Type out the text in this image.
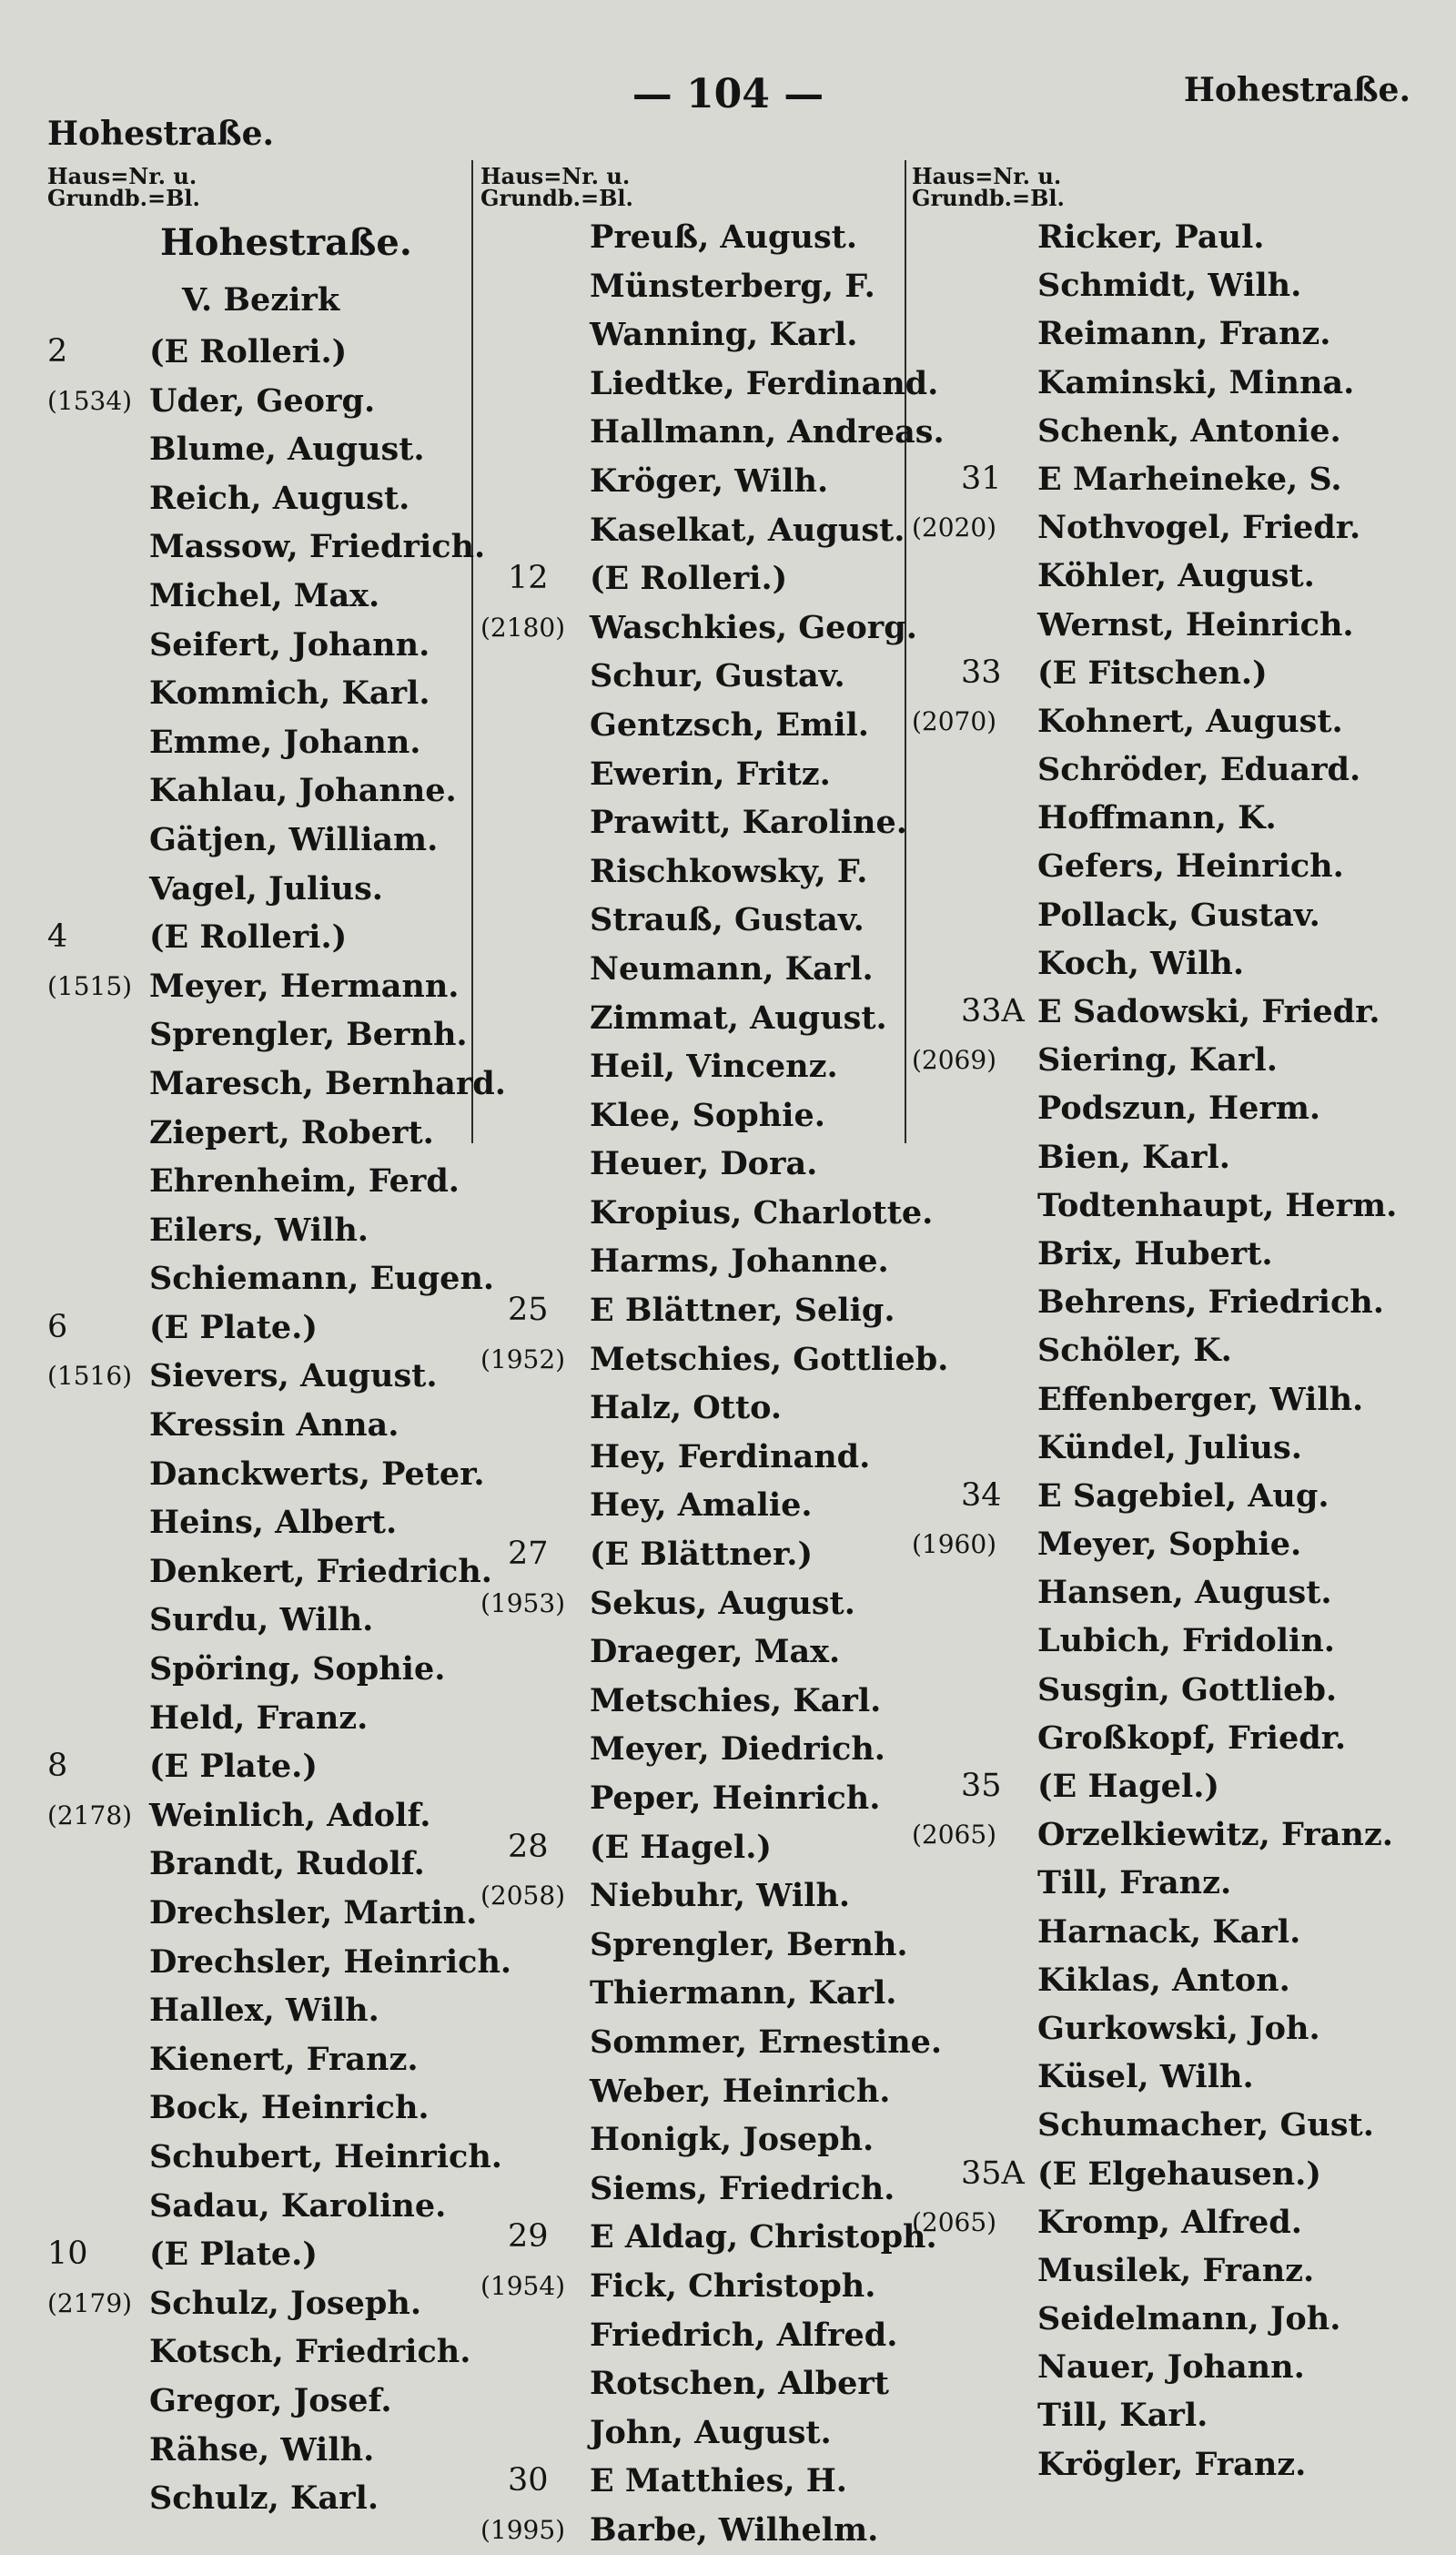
Hohestraße.
— 104 —	Hohestraße.
Haus=Nr. u.
Grundb.=Bl.
Hohestraße.
V. Bezirk
2	(E Rolleri.)
(1534) Uder, Georg.
Blume, August.
Reich, August.
Massow, Friedrich.
Michel, Max.
Seifert, Johann.
Kommich, Karl.
Emme, Johann.
Kahlau, Johanne.
Gätjen, William.
Vagel, Julius.
4	(E Rolleri.)
(1515) Meyer, Hermann.
Sprengler, Bernh.
Maresch, Bernhard.
Ziepert, Robert.
Ehrenheim, Ferd.
Eilers, Wilh.
Schiemann, Eugen.
6	(E Plate.)
(1516) Sievers, August.
Kressin Anna.
Danckwerts, Peter.
Heins, Albert.
Denkert, Friedrich.
Surdu, Wilh.
Spöring, Sophie.
Held, Franz.
8	(E Plate.)
(2178) Weinlich, Adolf.
Brandt, Rudolf.
Drechsler, Martin.
Drechsler, Heinrich.
Hallex, Wilh.
Kienert, Franz.
Bock, Heinrich.
Schubert, Heinrich.
Sadau, Karoline.
10 (E Plate.)
(2179) Schulz, Joseph.
Kotsch, Friedrich.
Gregor, Josef.
Rähse, Wilh.
Schulz, Karl.
Haus=Nr. u.
Grundb.=Bl.
Preuß, August.
Münsterberg, F.
Wanning, Karl.
Liedtke, Ferdinand.
Hallmann, Andreas.
Kröger, Wilh.
Kaselkat, August.
12 (E Rolleri.)
(2180) Waschkies, Georg.
Schur, Gustav.
Gentzsch, Emil.
Ewerin, Fritz.
Prawitt, Karoline.
Rischkowsky, F.
Strauß, Gustav.
Neumann, Karl.
Zimmat, August.
Heil, Vincenz.
Klee, Sophie.
Heuer, Dora.
Kropius, Charlotte.
Harms, Johanne.
25 E Blättner, Selig.
(1952) Metschies, Gottlieb.
Halz, Otto.
Hey, Ferdinand.
Hey, Amalie.
27 (E Blättner.)
(1953) Sekus, August.
Draeger, Max.
Metschies, Karl.
Meyer, Diedrich.
Peper, Heinrich.
28 (E Hagel.)
(2058) Niebuhr, Wilh.
Sprengler, Bernh.
Thiermann, Karl.
Sommer, Ernestine.
Weber, Heinrich.
Honigk, Joseph.
Siems, Friedrich.
29 E Aldag, Christoph.
(1954) Fick, Christoph.
Friedrich, Alfred.
Rotschen, Albert
John, August.
30 E Matthies, H.
(1995) Barbe, Wilhelm.
Haus=Nr. u.
Grundb.=Bl.
Ricker, Paul.
Schmidt, Wilh.
Reimann, Franz.
Kaminski, Minna.
Schenk, Antonie.
31 E Marheineke, S.
(2020) Nothvogel, Friedr.
Köhler, August.
Wernst, Heinrich.
33 (E Fitschen.)
(2070) Kohnert, August.
Schröder, Eduard.
Hoffmann, K.
Gefers, Heinrich.
Pollack, Gustav.
Koch, Wilh.
33A E Sadowski, Friedr.
(2069) Siering, Karl.
Podszun, Herm.
Bien, Karl.
Todtenhaupt, Herm.
Brix, Hubert.
Behrens, Friedrich.
Schöler, K.
Effenberger, Wilh.
Kündel, Julius.
34 E Sagebiel, Aug.
(1960) Meyer, Sophie.
Hansen, August.
Lubich, Fridolin.
Susgin, Gottlieb.
Großkopf, Friedr.
35 (E Hagel.)
(2065) Orzelkiewitz, Franz.
Till, Franz.
Harnack, Karl.
Kiklas, Anton.
Gurkowski, Joh.
Küsel, Wilh.
Schumacher, Gust.
35A (E Elgehausen.)
(2065) Kromp, Alfred.
Musilek, Franz.
Seidelmann, Joh.
Nauer, Johann.
Till, Karl.
Krögler, Franz.
